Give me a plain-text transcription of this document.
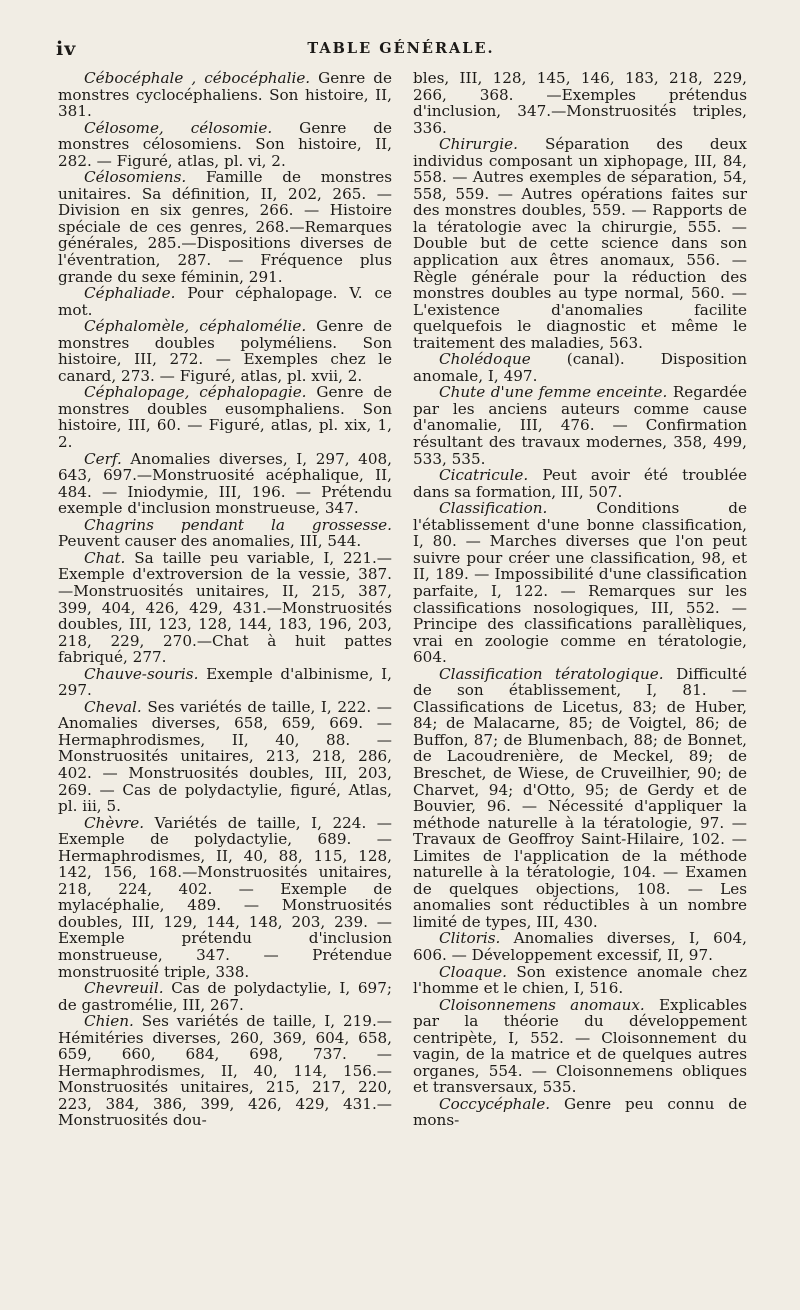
iv	TABLE GÉNÉRALE.

Cébocéphale , cébocéphalie. Genre de monstres cyclocéphaliens. Son histoire, II, 381.

Célosome, célosomie. Genre de monstres célosomiens. Son histoire, II, 282. — Figuré, atlas, pl. vi, 2.

Célosomiens. Famille de monstres unitaires. Sa définition, II, 202, 265. — Division en six genres, 266. — Histoire spéciale de ces genres, 268.—Remarques générales, 285.—Dispositions diverses de l'éventration, 287. — Fréquence plus grande du sexe féminin, 291.

Céphaliade. Pour céphalopage. V. ce mot.

Céphalomèle, céphalomélie. Genre de monstres doubles polyméliens. Son histoire, III, 272. — Exemples chez le canard, 273. — Figuré, atlas, pl. xvii, 2.

Céphalopage, céphalopagie. Genre de monstres doubles eusomphaliens. Son histoire, III, 60. — Figuré, atlas, pl. xix, 1, 2.

Cerf. Anomalies diverses, I, 297, 408, 643, 697.—Monstruosité acéphalique, II, 484. — Iniodymie, III, 196. — Prétendu exemple d'inclusion monstrueuse, 347.

Chagrins pendant la grossesse. Peuvent causer des anomalies, III, 544.

Chat. Sa taille peu variable, I, 221.— Exemple d'extroversion de la vessie, 387. —Monstruosités unitaires, II, 215, 387, 399, 404, 426, 429, 431.—Monstruosités doubles, III, 123, 128, 144, 183, 196, 203, 218, 229, 270.—Chat à huit pattes fabriqué, 277.

Chauve-souris. Exemple d'albinisme, I, 297.

Cheval. Ses variétés de taille, I, 222. —Anomalies diverses, 658, 659, 669. — Hermaphrodismes, II, 40, 88. — Monstruosités unitaires, 213, 218, 286, 402. — Monstruosités doubles, III, 203, 269. — Cas de polydactylie, figuré, Atlas, pl. iii, 5.

Chèvre. Variétés de taille, I, 224. — Exemple de polydactylie, 689. — Hermaphrodismes, II, 40, 88, 115, 128, 142, 156, 168.—Monstruosités unitaires, 218, 224, 402. — Exemple de mylacéphalie, 489. — Monstruosités doubles, III, 129, 144, 148, 203, 239. — Exemple prétendu d'inclusion monstrueuse, 347. — Prétendue monstruosité triple, 338.

Chevreuil. Cas de polydactylie, I, 697; de gastromélie, III, 267.

Chien. Ses variétés de taille, I, 219.— Hémitéries diverses, 260, 369, 604, 658, 659, 660, 684, 698, 737. — Hermaphrodismes, II, 40, 114, 156.—Monstruosités unitaires, 215, 217, 220, 223, 384, 386, 399, 426, 429, 431.—Monstruosités dou-

bles, III, 128, 145, 146, 183, 218, 229, 266, 368. —Exemples prétendus d'inclusion, 347.—Monstruosités triples, 336.

Chirurgie. Séparation des deux individus composant un xiphopage, III, 84, 558. — Autres exemples de séparation, 54, 558, 559. — Autres opérations faites sur des monstres doubles, 559. — Rapports de la tératologie avec la chirurgie, 555. — Double but de cette science dans son application aux êtres anomaux, 556. — Règle générale pour la réduction des monstres doubles au type normal, 560. — L'existence d'anomalies facilite quelquefois le diagnostic et même le traitement des maladies, 563.

Cholédoque (canal). Disposition anomale, I, 497.

Chute d'une femme enceinte. Regardée par les anciens auteurs comme cause d'anomalie, III, 476. — Confirmation résultant des travaux modernes, 358, 499, 533, 535.

Cicatricule. Peut avoir été troublée dans sa formation, III, 507.

Classification. Conditions de l'établissement d'une bonne classification, I, 80. — Marches diverses que l'on peut suivre pour créer une classification, 98, et II, 189. — Impossibilité d'une classification parfaite, I, 122. — Remarques sur les classifications nosologiques, III, 552. — Principe des classifications parallèliques, vrai en zoologie comme en tératologie, 604.

Classification tératologique. Difficulté de son établissement, I, 81. — Classifications de Licetus, 83; de Huber, 84; de Malacarne, 85; de Voigtel, 86; de Buffon, 87; de Blumenbach, 88; de Bonnet, de Lacoudrenière, de Meckel, 89; de Breschet, de Wiese, de Cruveilhier, 90; de Charvet, 94; d'Otto, 95; de Gerdy et de Bouvier, 96. — Nécessité d'appliquer la méthode naturelle à la tératologie, 97. — Travaux de Geoffroy Saint-Hilaire, 102. — Limites de l'application de la méthode naturelle à la tératologie, 104. — Examen de quelques objections, 108. — Les anomalies sont réductibles à un nombre limité de types, III, 430.

Clitoris. Anomalies diverses, I, 604, 606. — Développement excessif, II, 97.

Cloaque. Son existence anomale chez l'homme et le chien, I, 516.

Cloisonnemens anomaux. Explicables par la théorie du développement centripète, I, 552. — Cloisonnement du vagin, de la matrice et de quelques autres organes, 554. — Cloisonnemens obliques et transversaux, 535.

Coccycéphale. Genre peu connu de mons-
